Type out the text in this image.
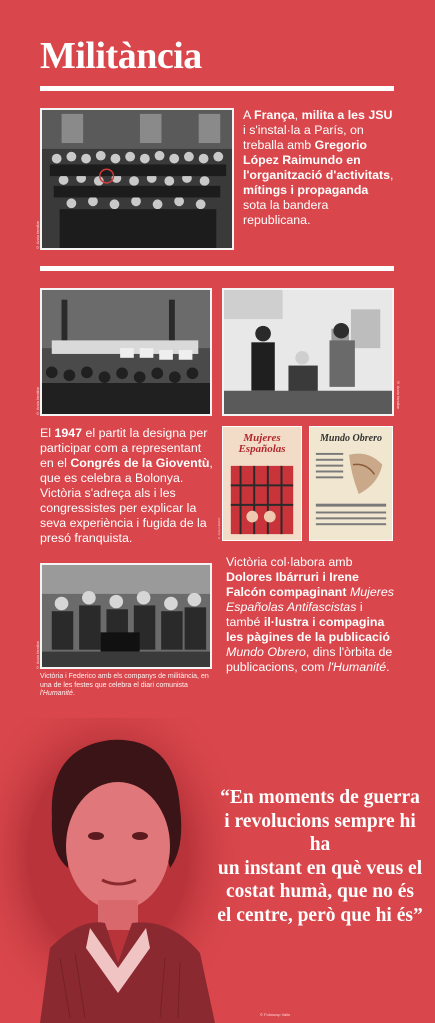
Militància
© Arxiu familiar
A França, milita a les JSU i s'instal·la a París, on treballa amb Gregorio López Raimundo en l'organització d'activitats, mítings i propaganda sota la bandera republicana.
© Arxiu familiar	© Arxiu familiar
El 1947 el partit la designa per participar com a representant en el Congrés de la Gioventù, que es celebra a Bolonya. Victòria s'adreça als i les congressistes per explicar la seva experiència i fugida de la presó franquista.
Mujeres Españolas
© Arxiu Històric
Mundo Obrero
© Arxiu familiar
Victòria i Federico amb els companys de militància, en una de les festes que celebra el diari comunista l'Humanité.
Victòria col·labora amb Dolores Ibárruri i Irene Falcón compaginant Mujeres Españolas Antifascistas i també il·lustra i compagina les pàgines de la publicació Mundo Obrero, dins l'òrbita de publicacions, com l'Humanité.
© Fotoscop Valls
“En moments de guerra
i revolucions sempre hi ha
un instant en què veus el
costat humà, que no és
el centre, però que hi és”
